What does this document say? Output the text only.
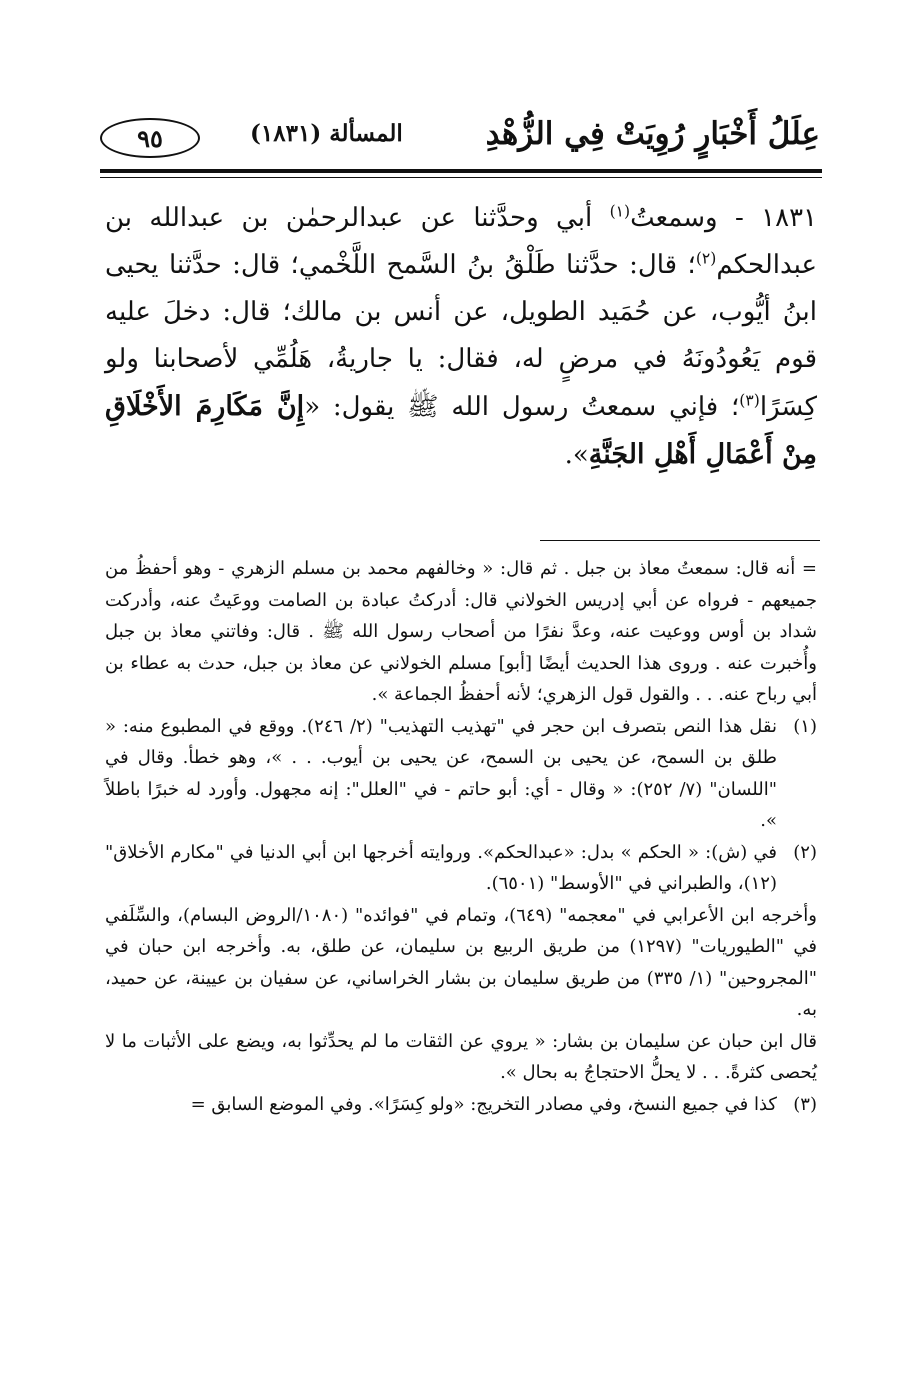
عِلَلُ أَخْبَارٍ رُوِيَتْ فِي الزُّهْدِ
المسألة (١٨٣١)
٩٥
١٨٣١ - وسمعتُ$^{(١)}$ أبي وحدَّثنا عن عبدالرحمٰن بن عبدالله بن عبدالحكم$^{(٢)}$؛ قال: حدَّثنا طَلْقُ بنُ السَّمح اللَّخْمي؛ قال: حدَّثنا يحيى ابنُ أيُّوب، عن حُمَيد الطويل، عن أنس بن مالك؛ قال: دخلَ عليه قوم يَعُودُونَهُ في مرضٍ له، فقال: يا جاريةُ، هَلُمِّي لأصحابنا ولو كِسَرًا$^{(٣)}$؛ فإني سمعتُ رسول الله ﷺ يقول: «إِنَّ مَكَارِمَ الأَخْلَاقِ مِنْ أَعْمَالِ أَهْلِ الجَنَّةِ».

= أنه قال: سمعتُ معاذ بن جبل . ثم قال: « وخالفهم محمد بن مسلم الزهري - وهو أحفظُ من جميعهم - فرواه عن أبي إدريس الخولاني قال: أدركتُ عبادة بن الصامت ووعَيتُ عنه، وأدركت شداد بن أوس ووعيت عنه، وعدَّ نفرًا من أصحاب رسول الله ﷺ . قال: وفاتني معاذ بن جبل وأُخبرت عنه . وروى هذا الحديث أيضًا [أبو] مسلم الخولاني عن معاذ بن جبل، حدث به عطاء بن أبي رباح عنه. . . والقول قول الزهري؛ لأنه أحفظُ الجماعة ».

(١)

نقل هذا النص بتصرف ابن حجر في "تهذيب التهذيب" (٢/ ٢٤٦). ووقع في المطبوع منه: « طلق بن السمح، عن يحيى بن السمح، عن يحيى بن أيوب. . . »، وهو خطأ. وقال في "اللسان" (٧/ ٢٥٢): « وقال - أي: أبو حاتم - في "العلل": إنه مجهول. وأورد له خبرًا باطلاً ».

(٢)

في (ش): « الحكم » بدل: «عبدالحكم». وروايته أخرجها ابن أبي الدنيا في "مكارم الأخلاق" (١٢)، والطبراني في "الأوسط" (٦٥٠١).

وأخرجه ابن الأعرابي في "معجمه" (٦٤٩)، وتمام في "فوائده" (١٠٨٠/الروض البسام)، والسِّلَفي في "الطيوريات" (١٢٩٧) من طريق الربيع بن سليمان، عن طلق، به. وأخرجه ابن حبان في "المجروحين" (١/ ٣٣٥) من طريق سليمان بن بشار الخراساني، عن سفيان بن عيينة، عن حميد، به.

قال ابن حبان عن سليمان بن بشار: « يروي عن الثقات ما لم يحدِّثوا به، ويضع على الأثبات ما لا يُحصى كثرةً. . . لا يحلُّ الاحتجاجُ به بحال ».

(٣)

كذا في جميع النسخ، وفي مصادر التخريج: «ولو كِسَرًا». وفي الموضع السابق =
